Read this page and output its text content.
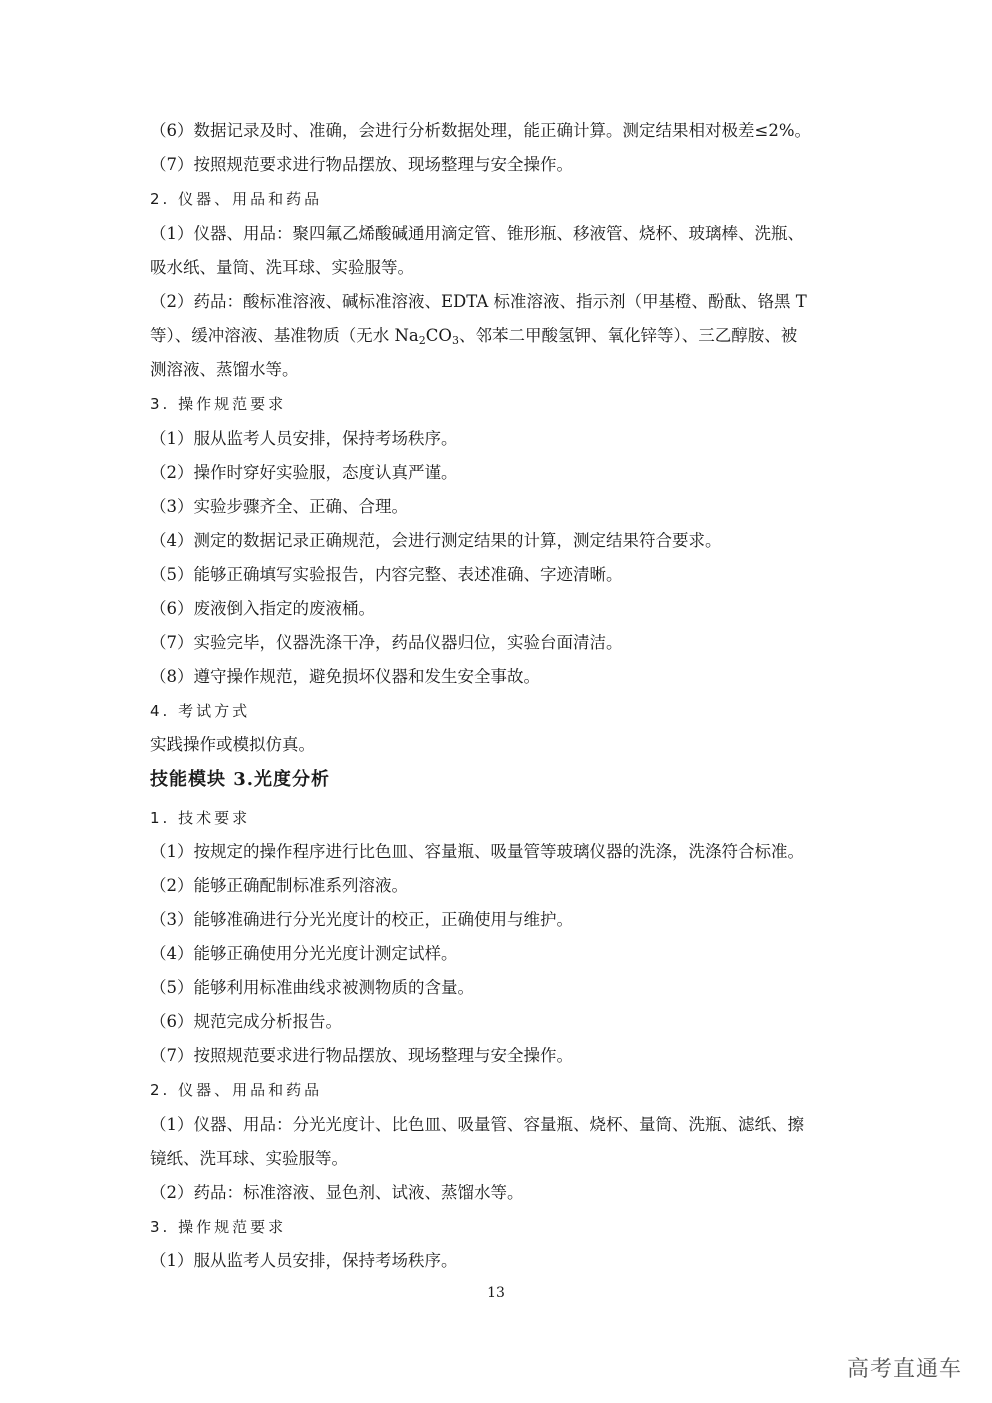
（6）数据记录及时、准确，会进行分析数据处理，能正确计算。测定结果相对极差≤2%。
（7）按照规范要求进行物品摆放、现场整理与安全操作。
2. 仪器、用品和药品
（1）仪器、用品：聚四氟乙烯酸碱通用滴定管、锥形瓶、移液管、烧杯、玻璃棒、洗瓶、
吸水纸、量筒、洗耳球、实验服等。
（2）药品：酸标准溶液、碱标准溶液、EDTA 标准溶液、指示剂（甲基橙、酚酞、铬黑 T
等）、缓冲溶液、基准物质（无水 $Na_2CO_3$、邻苯二甲酸氢钾、氧化锌等）、三乙醇胺、被
测溶液、蒸馏水等。
3. 操作规范要求
（1）服从监考人员安排，保持考场秩序。
（2）操作时穿好实验服，态度认真严谨。
（3）实验步骤齐全、正确、合理。
（4）测定的数据记录正确规范，会进行测定结果的计算，测定结果符合要求。
（5）能够正确填写实验报告，内容完整、表述准确、字迹清晰。
（6）废液倒入指定的废液桶。
（7）实验完毕，仪器洗涤干净，药品仪器归位，实验台面清洁。
（8）遵守操作规范，避免损坏仪器和发生安全事故。
4. 考试方式
实践操作或模拟仿真。
技能模块 3.光度分析
1. 技术要求
（1）按规定的操作程序进行比色皿、容量瓶、吸量管等玻璃仪器的洗涤，洗涤符合标准。
（2）能够正确配制标准系列溶液。
（3）能够准确进行分光光度计的校正，正确使用与维护。
（4）能够正确使用分光光度计测定试样。
（5）能够利用标准曲线求被测物质的含量。
（6）规范完成分析报告。
（7）按照规范要求进行物品摆放、现场整理与安全操作。
2. 仪器、用品和药品
（1）仪器、用品：分光光度计、比色皿、吸量管、容量瓶、烧杯、量筒、洗瓶、滤纸、擦
镜纸、洗耳球、实验服等。
（2）药品：标准溶液、显色剂、试液、蒸馏水等。
3. 操作规范要求
（1）服从监考人员安排，保持考场秩序。
13
高考直通车
